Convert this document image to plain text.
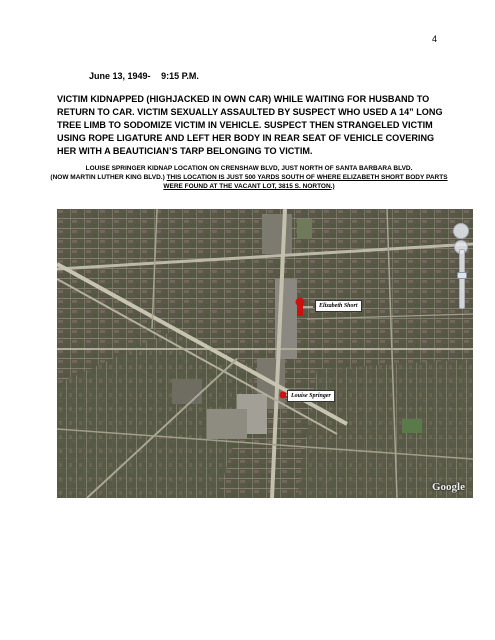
4
June 13, 1949- 9:15 P.M.
VICTIM KIDNAPPED (HIGHJACKED IN OWN CAR) WHILE WAITING FOR HUSBAND TO RETURN TO CAR. VICTIM SEXUALLY ASSAULTED BY SUSPECT WHO USED A 14” LONG TREE LIMB TO SODOMIZE VICTIM IN VEHICLE. SUSPECT THEN STRANGELED VICTIM USING ROPE LIGATURE AND LEFT HER BODY IN REAR SEAT OF VEHICLE COVERING HER WITH A BEAUTICIAN’S TARP BELONGING TO VICTIM.
LOUISE SPRINGER KIDNAP LOCATION ON CRENSHAW BLVD, JUST NORTH OF SANTA BARBARA BLVD.
(NOW MARTIN LUTHER KING BLVD.) THIS LOCATION IS JUST 500 YARDS SOUTH OF WHERE ELIZABETH SHORT BODY PARTS WERE FOUND AT THE VACANT LOT, 3815 S. NORTON.)
Elizabeth Short
Louise Springer
Google
